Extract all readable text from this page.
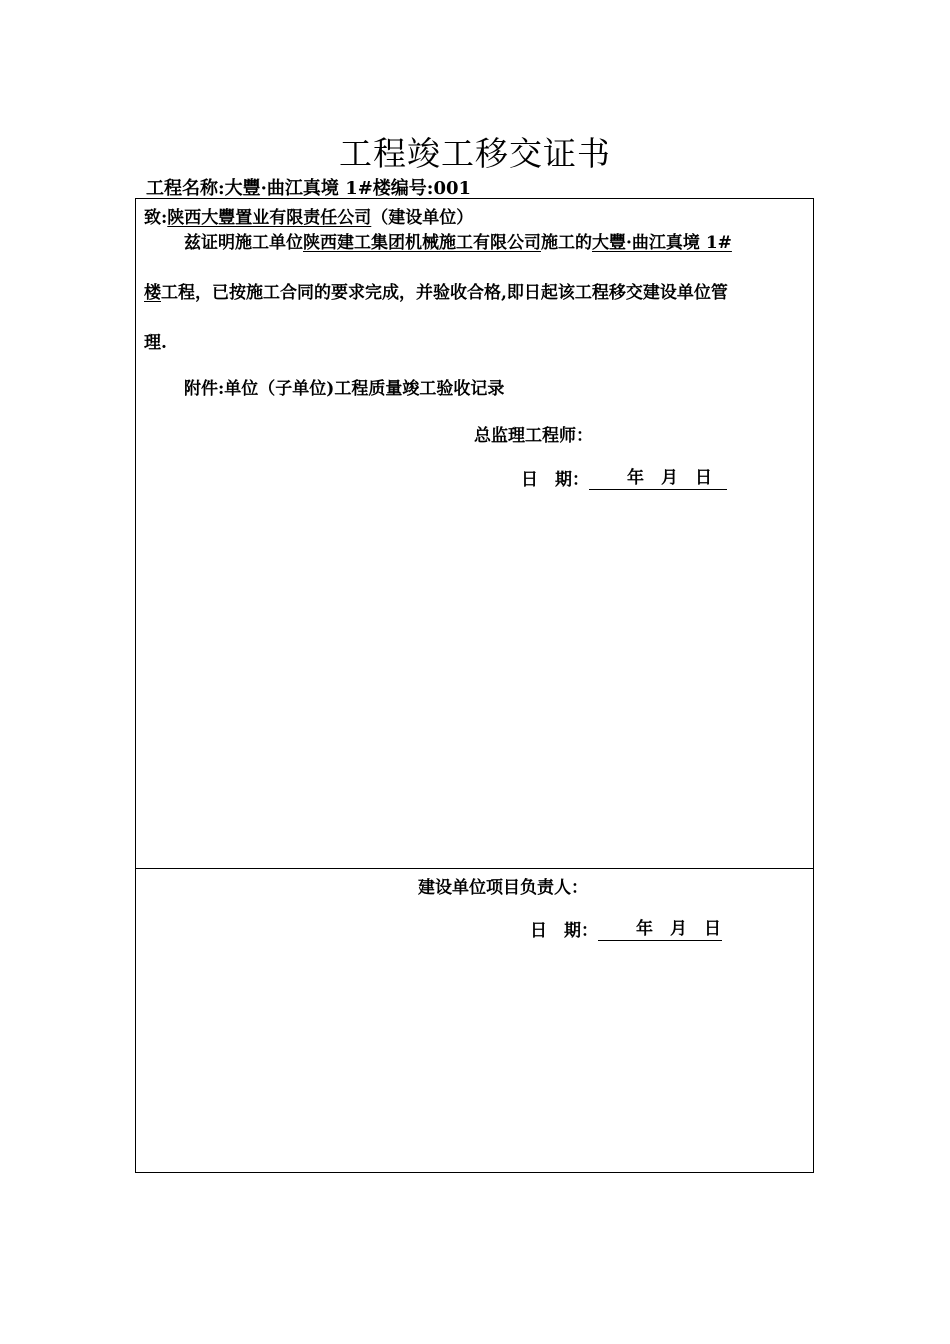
工程竣工移交证书
工程名称:大豐·曲江真境 1#楼编号:001
致:陕西大豐置业有限责任公司（建设单位）
兹证明施工单位陕西建工集团机械施工有限公司施工的大豐·曲江真境 1#
楼工程，已按施工合同的要求完成，并验收合格,即日起该工程移交建设单位管
理.
附件:单位（子单位)工程质量竣工验收记录
总监理工程师：
日　期： 年 月 日
建设单位项目负责人：
日　期： 年 月 日
